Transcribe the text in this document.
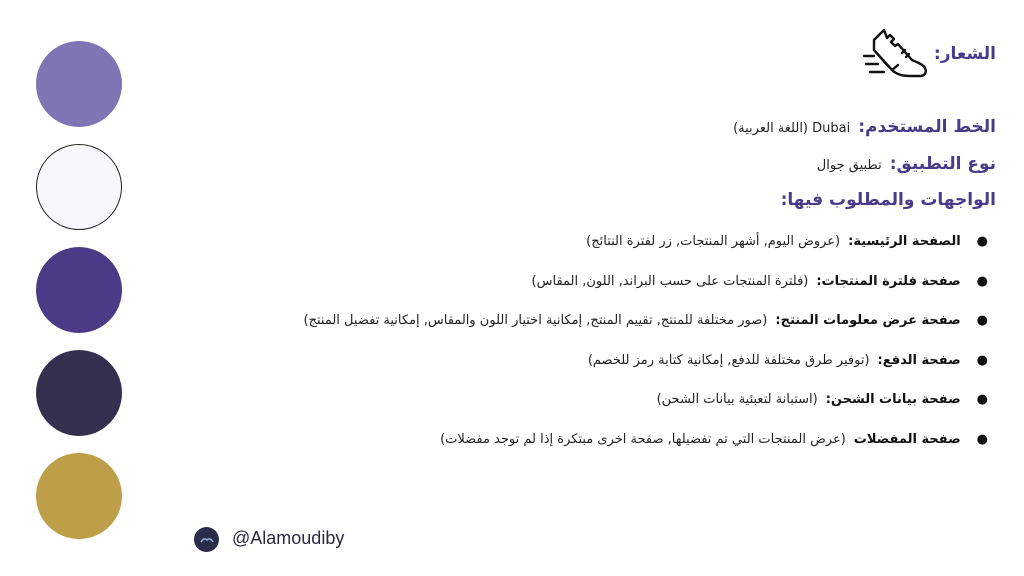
الشعار:
الخط المستخدم:
Dubai (اللغة العربية)
نوع التطبيق:
تطبيق جوال
الواجهات والمطلوب فيها:
●
الصفحة الرئيسية:
(عروض اليوم, أشهر المنتجات, زر لفترة النتائج)
●
صفحة فلترة المنتجات:
(فلترة المنتجات على حسب البراند, اللون, المقاس)
●
صفحة عرض معلومات المنتج:
(صور مختلفة للمنتج, تقييم المنتج, إمكانية اختيار اللون والمقاس, إمكانية تفضيل المنتج)
●
صفحة الدفع:
(توفير طرق مختلفة للدفع, إمكانية كتابة رمز للخصم)
●
صفحة بيانات الشحن:
(استبانة لتعبئية بيانات الشحن)
●
صفحة المفضلات
(عرض المنتجات التي تم تفضيلها, صفحة اخرى مبتكرة إذا لم توجد مفضلات)
@Alamoudiby
